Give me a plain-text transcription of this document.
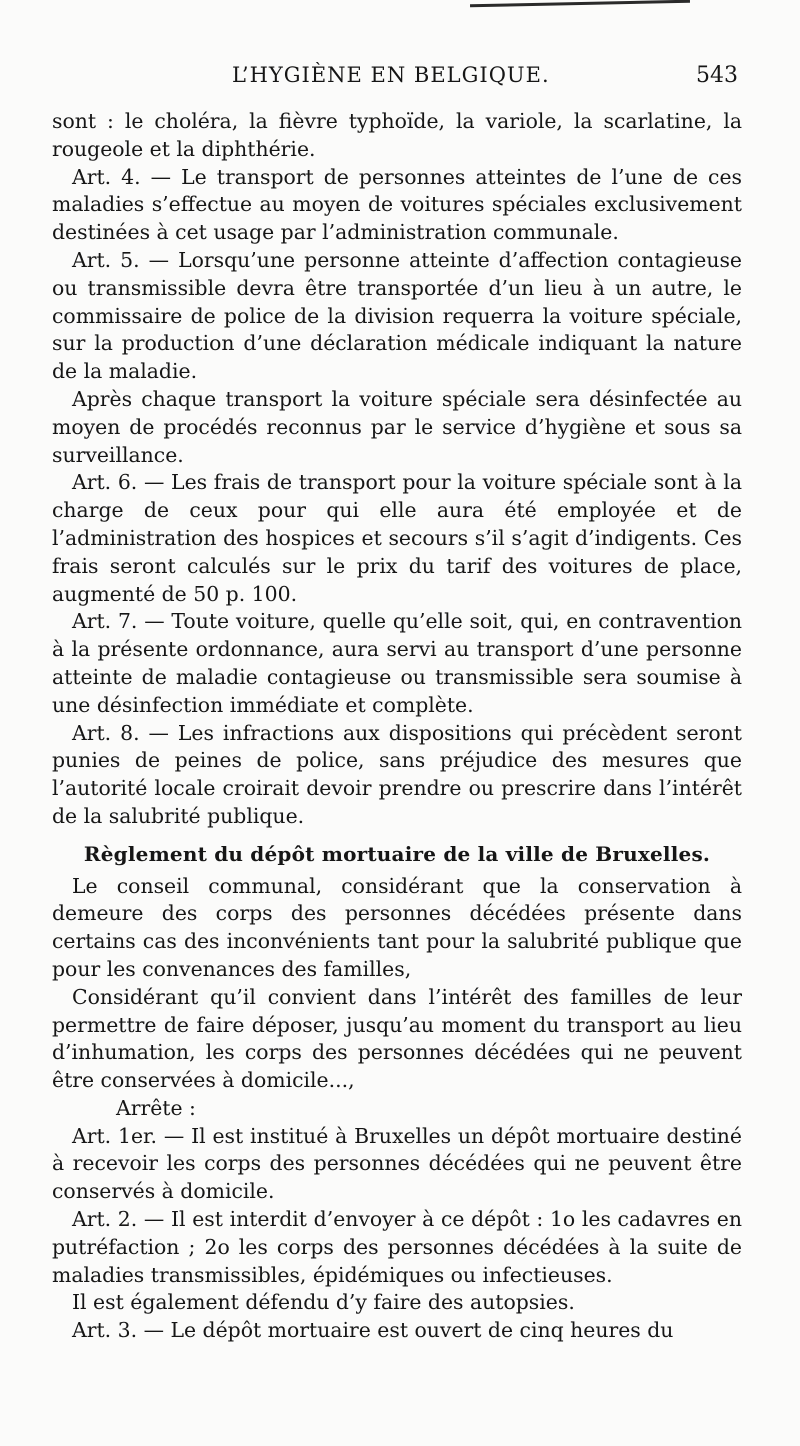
L’HYGIÈNE EN BELGIQUE.	543

sont : le choléra, la fièvre typhoïde, la variole, la scarlatine, la rougeole et la diphthérie.

Art. 4. — Le transport de personnes atteintes de l’une de ces maladies s’effectue au moyen de voitures spéciales exclusivement destinées à cet usage par l’administration communale.

Art. 5. — Lorsqu’une personne atteinte d’affection contagieuse ou transmissible devra être transportée d’un lieu à un autre, le commissaire de police de la division requerra la voiture spéciale, sur la production d’une déclaration médicale indiquant la nature de la maladie.

Après chaque transport la voiture spéciale sera désinfectée au moyen de procédés reconnus par le service d’hygiène et sous sa surveillance.

Art. 6. — Les frais de transport pour la voiture spéciale sont à la charge de ceux pour qui elle aura été employée et de l’administration des hospices et secours s’il s’agit d’indigents. Ces frais seront calculés sur le prix du tarif des voitures de place, augmenté de 50 p. 100.

Art. 7. — Toute voiture, quelle qu’elle soit, qui, en contravention à la présente ordonnance, aura servi au transport d’une personne atteinte de maladie contagieuse ou transmissible sera soumise à une désinfection immédiate et complète.

Art. 8. — Les infractions aux dispositions qui précèdent seront punies de peines de police, sans préjudice des mesures que l’autorité locale croirait devoir prendre ou prescrire dans l’intérêt de la salubrité publique.

Règlement du dépôt mortuaire de la ville de Bruxelles.

Le conseil communal, considérant que la conservation à demeure des corps des personnes décédées présente dans certains cas des inconvénients tant pour la salubrité publique que pour les convenances des familles,

Considérant qu’il convient dans l’intérêt des familles de leur permettre de faire déposer, jusqu’au moment du transport au lieu d’inhumation, les corps des personnes décédées qui ne peuvent être conservées à domicile...,

Arrête :

Art. 1er. — Il est institué à Bruxelles un dépôt mortuaire destiné à recevoir les corps des personnes décédées qui ne peuvent être conservés à domicile.

Art. 2. — Il est interdit d’envoyer à ce dépôt : 1o les cadavres en putréfaction ; 2o les corps des personnes décédées à la suite de maladies transmissibles, épidémiques ou infectieuses.

Il est également défendu d’y faire des autopsies.

Art. 3. — Le dépôt mortuaire est ouvert de cinq heures du
